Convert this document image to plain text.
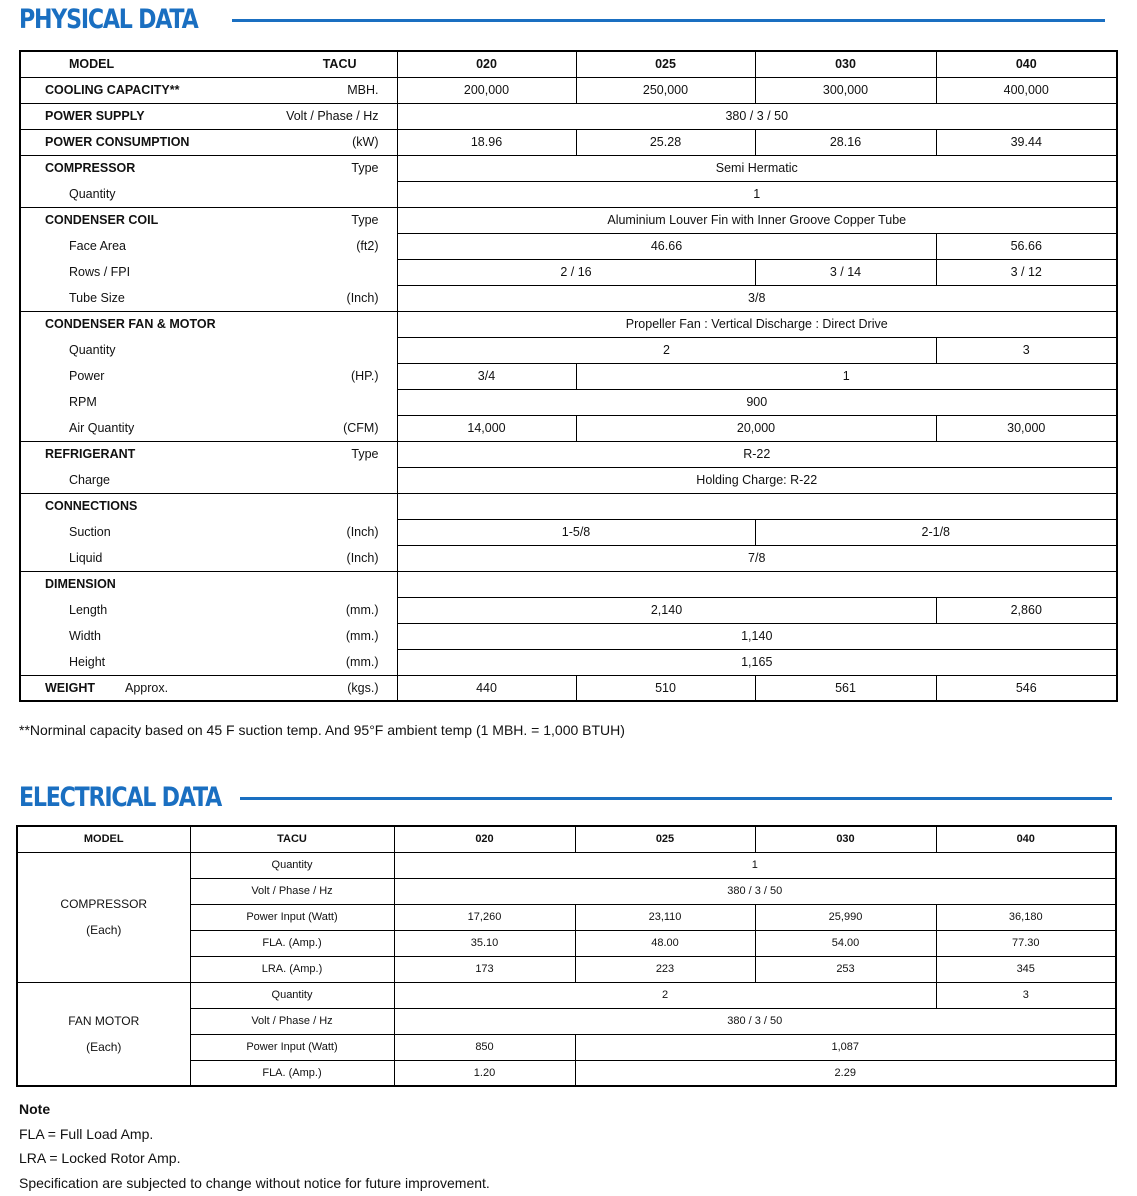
PHYSICAL DATA
MODEL	TACU	020	025	030	040
COOLING CAPACITY**	MBH.	200,000	250,000	300,000	400,000
POWER SUPPLY	Volt / Phase / Hz	380 / 3 / 50			
POWER CONSUMPTION	(kW)	18.96	25.28	28.16	39.44
COMPRESSOR	Type	Semi Hermatic			
Quantity		1			
CONDENSER COIL	Type	Aluminium Louver Fin with Inner Groove Copper Tube			
Face Area	(ft2)	46.66			56.66
Rows / FPI		2 / 16		3 / 14	3 / 12
Tube Size	(Inch)	3/8			
CONDENSER FAN & MOTOR		Propeller Fan : Vertical Discharge : Direct Drive			
Quantity		2			3
Power	(HP.)	3/4	1		
RPM		900			
Air Quantity	(CFM)	14,000	20,000		30,000
REFRIGERANT	Type	R-22			
Charge		Holding Charge: R-22			
CONNECTIONS					
Suction	(Inch)	1-5/8		2-1/8	
Liquid	(Inch)	7/8			
DIMENSION					
Length	(mm.)	2,140			2,860
Width	(mm.)	1,140			
Height	(mm.)	1,165			
WEIGHT Approx.	(kgs.)	440	510	561	546
**Norminal capacity based on 45 F suction temp. And 95°F ambient temp (1 MBH. = 1,000 BTUH)
ELECTRICAL DATA
MODEL	TACU	020	025	030	040

COMPRESSOR
(Each)	Quantity	1			
	Volt / Phase / Hz	380 / 3 / 50			
	Power Input (Watt)	17,260	23,110	25,990	36,180
	FLA. (Amp.)	35.10	48.00	54.00	77.30
	LRA. (Amp.)	173	223	253	345

FAN MOTOR
(Each)	Quantity	2			3
	Volt / Phase / Hz	380 / 3 / 50			
	Power Input (Watt)	850	1,087		
	FLA. (Amp.)	1.20	2.29		
Note
FLA = Full Load Amp.
LRA = Locked Rotor Amp.
Specification are subjected to change without notice for future improvement.
